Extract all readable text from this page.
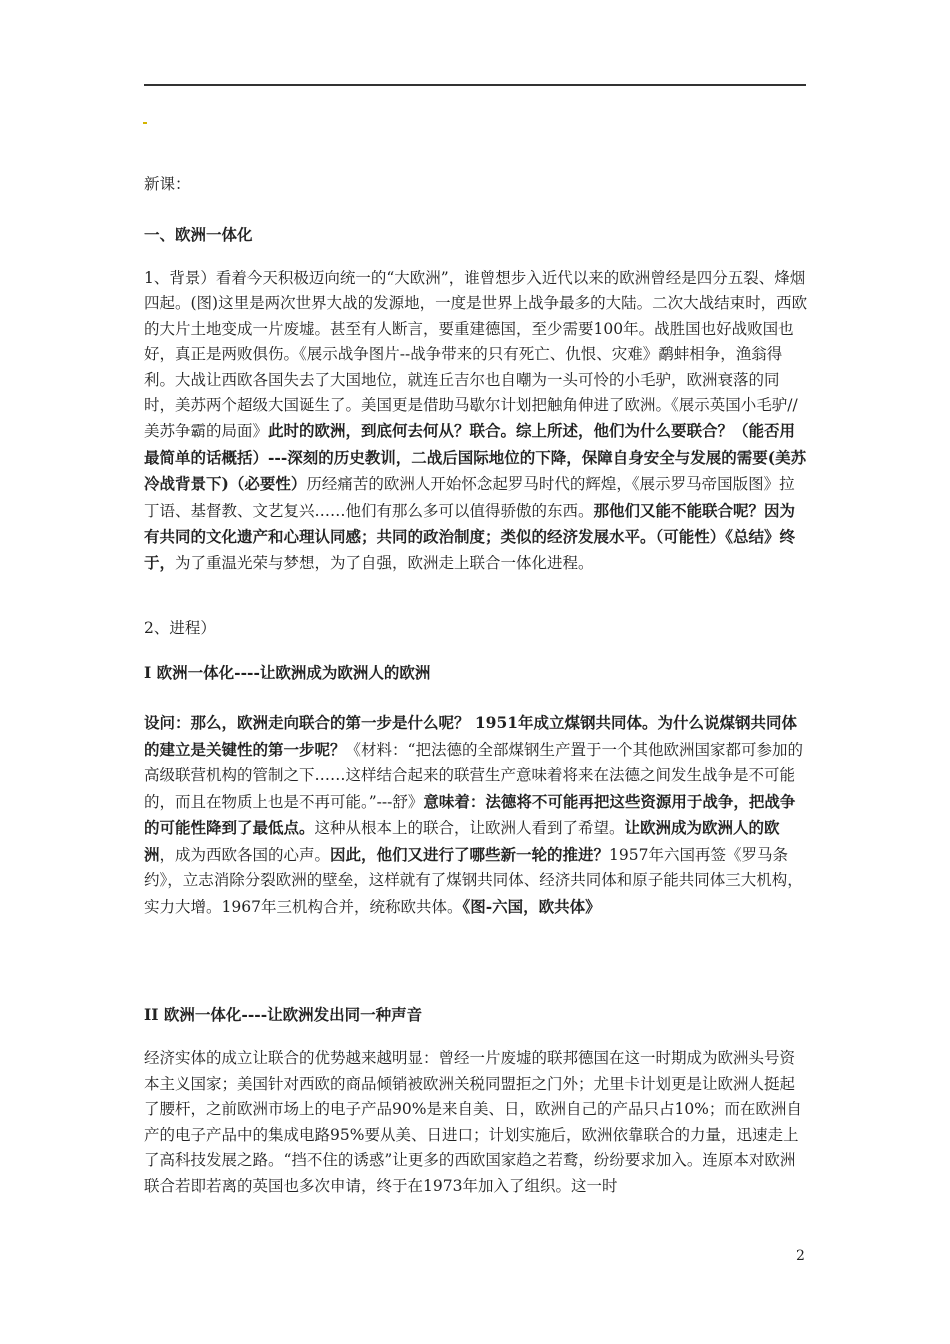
新课：

一、欧洲一体化

1、背景）看着今天积极迈向统一的“大欧洲”，谁曾想步入近代以来的欧洲曾经是四分五裂、烽烟四起。(图)这里是两次世界大战的发源地，一度是世界上战争最多的大陆。二次大战结束时，西欧的大片土地变成一片废墟。甚至有人断言，要重建德国，至少需要100年。战胜国也好战败国也好，真正是两败俱伤。《展示战争图片--战争带来的只有死亡、仇恨、灾难》鹬蚌相争，渔翁得利。大战让西欧各国失去了大国地位，就连丘吉尔也自嘲为一头可怜的小毛驴，欧洲衰落的同时，美苏两个超级大国诞生了。美国更是借助马歇尔计划把触角伸进了欧洲。《展示英国小毛驴//美苏争霸的局面》此时的欧洲，到底何去何从？联合。综上所述，他们为什么要联合？（能否用最简单的话概括）---深刻的历史教训，二战后国际地位的下降，保障自身安全与发展的需要(美苏冷战背景下)（必要性）历经痛苦的欧洲人开始怀念起罗马时代的辉煌，《展示罗马帝国版图》拉丁语、基督教、文艺复兴……他们有那么多可以值得骄傲的东西。那他们又能不能联合呢？因为有共同的文化遗产和心理认同感；共同的政治制度；类似的经济发展水平。（可能性）《总结》终于，为了重温光荣与梦想，为了自强，欧洲走上联合一体化进程。

2、进程）

I 欧洲一体化----让欧洲成为欧洲人的欧洲

设问：那么，欧洲走向联合的第一步是什么呢？ 1951年成立煤钢共同体。为什么说煤钢共同体的建立是关键性的第一步呢？《材料：“把法德的全部煤钢生产置于一个其他欧洲国家都可参加的高级联营机构的管制之下……这样结合起来的联营生产意味着将来在法德之间发生战争是不可能的，而且在物质上也是不再可能。”---舒》意味着：法德将不可能再把这些资源用于战争，把战争的可能性降到了最低点。这种从根本上的联合，让欧洲人看到了希望。让欧洲成为欧洲人的欧洲，成为西欧各国的心声。因此，他们又进行了哪些新一轮的推进？1957年六国再签《罗马条约》，立志消除分裂欧洲的壁垒，这样就有了煤钢共同体、经济共同体和原子能共同体三大机构，实力大增。1967年三机构合并，统称欧共体。《图-六国，欧共体》

II 欧洲一体化----让欧洲发出同一种声音

经济实体的成立让联合的优势越来越明显：曾经一片废墟的联邦德国在这一时期成为欧洲头号资本主义国家；美国针对西欧的商品倾销被欧洲关税同盟拒之门外；尤里卡计划更是让欧洲人挺起了腰杆，之前欧洲市场上的电子产品90%是来自美、日，欧洲自己的产品只占10%；而在欧洲自产的电子产品中的集成电路95%要从美、日进口；计划实施后，欧洲依靠联合的力量，迅速走上了高科技发展之路。“挡不住的诱惑”让更多的西欧国家趋之若鹜，纷纷要求加入。连原本对欧洲联合若即若离的英国也多次申请，终于在1973年加入了组织。这一时

2
